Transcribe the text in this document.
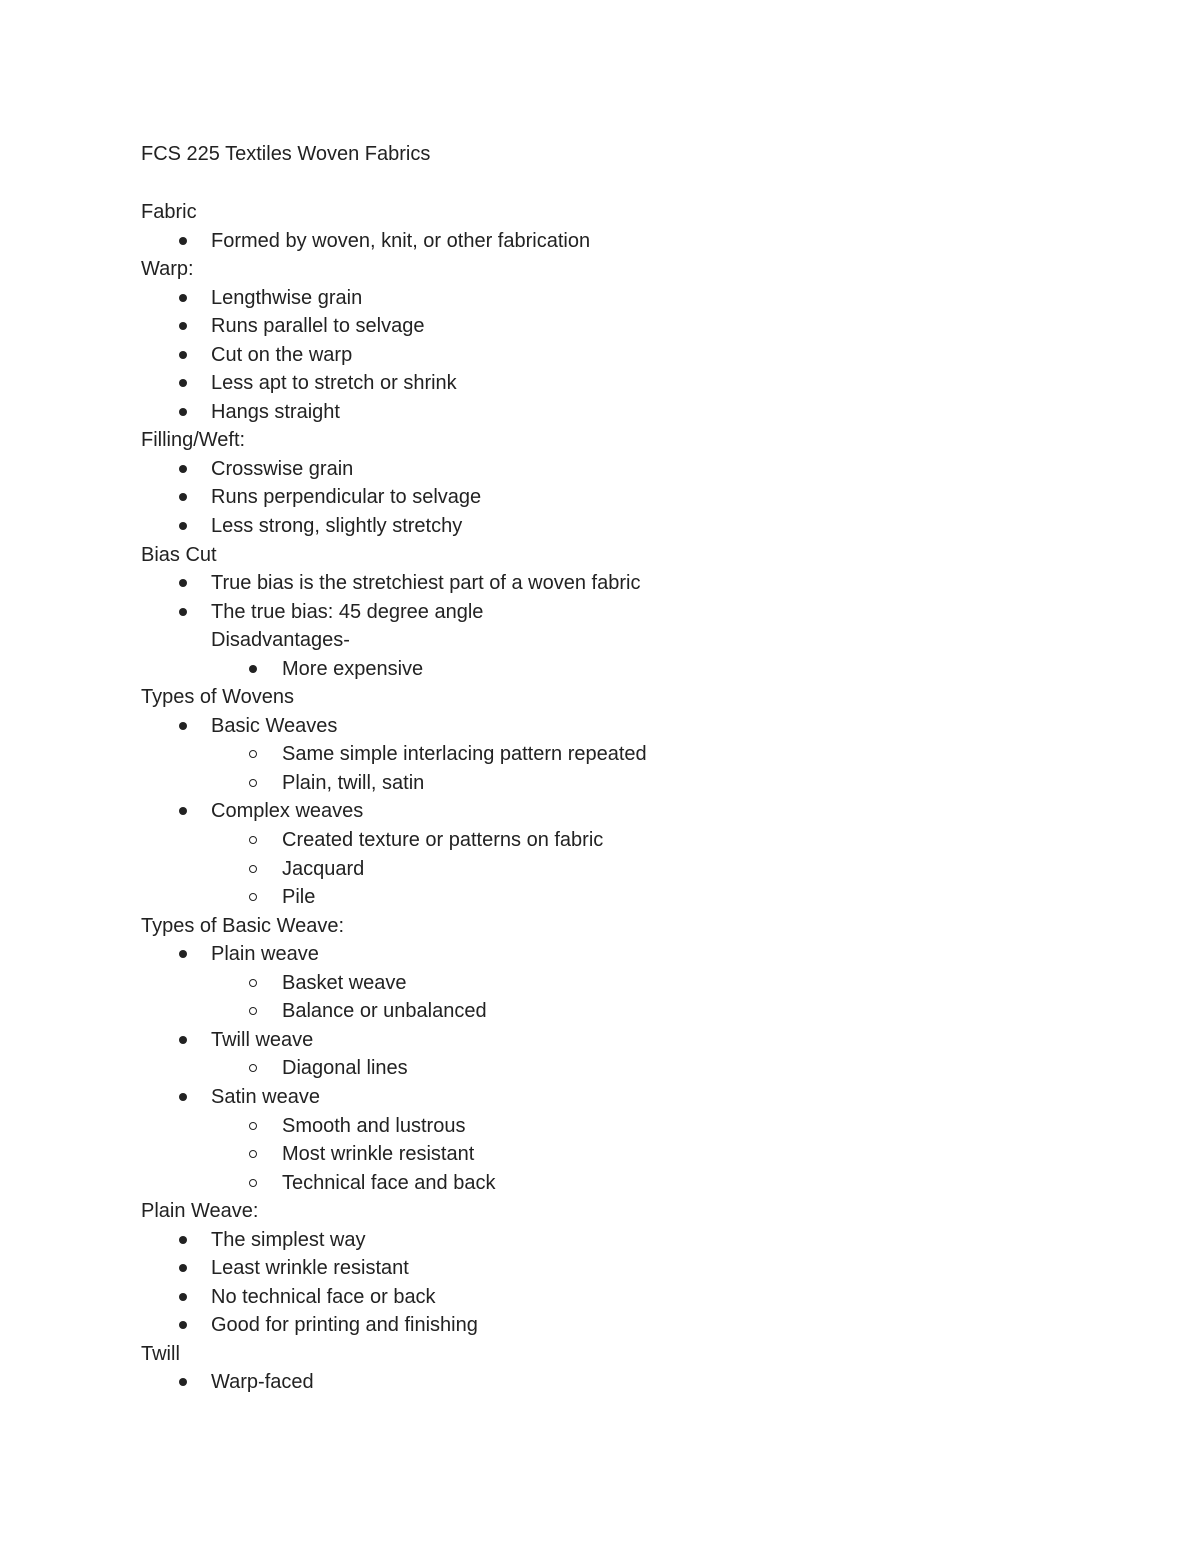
FCS 225 Textiles Woven Fabrics
Fabric
Formed by woven, knit, or other fabrication
Warp:
Lengthwise grain
Runs parallel to selvage
Cut on the warp
Less apt to stretch or shrink
Hangs straight
Filling/Weft:
Crosswise grain
Runs perpendicular to selvage
Less strong, slightly stretchy
Bias Cut
True bias is the stretchiest part of a woven fabric
The true bias: 45 degree angle
Disadvantages-
More expensive
Types of Wovens
Basic Weaves
Same simple interlacing pattern repeated
Plain, twill, satin
Complex weaves
Created texture or patterns on fabric
Jacquard
Pile
Types of Basic Weave:
Plain weave
Basket weave
Balance or unbalanced
Twill weave
Diagonal lines
Satin weave
Smooth and lustrous
Most wrinkle resistant
Technical face and back
Plain Weave:
The simplest way
Least wrinkle resistant
No technical face or back
Good for printing and finishing
Twill
Warp-faced
